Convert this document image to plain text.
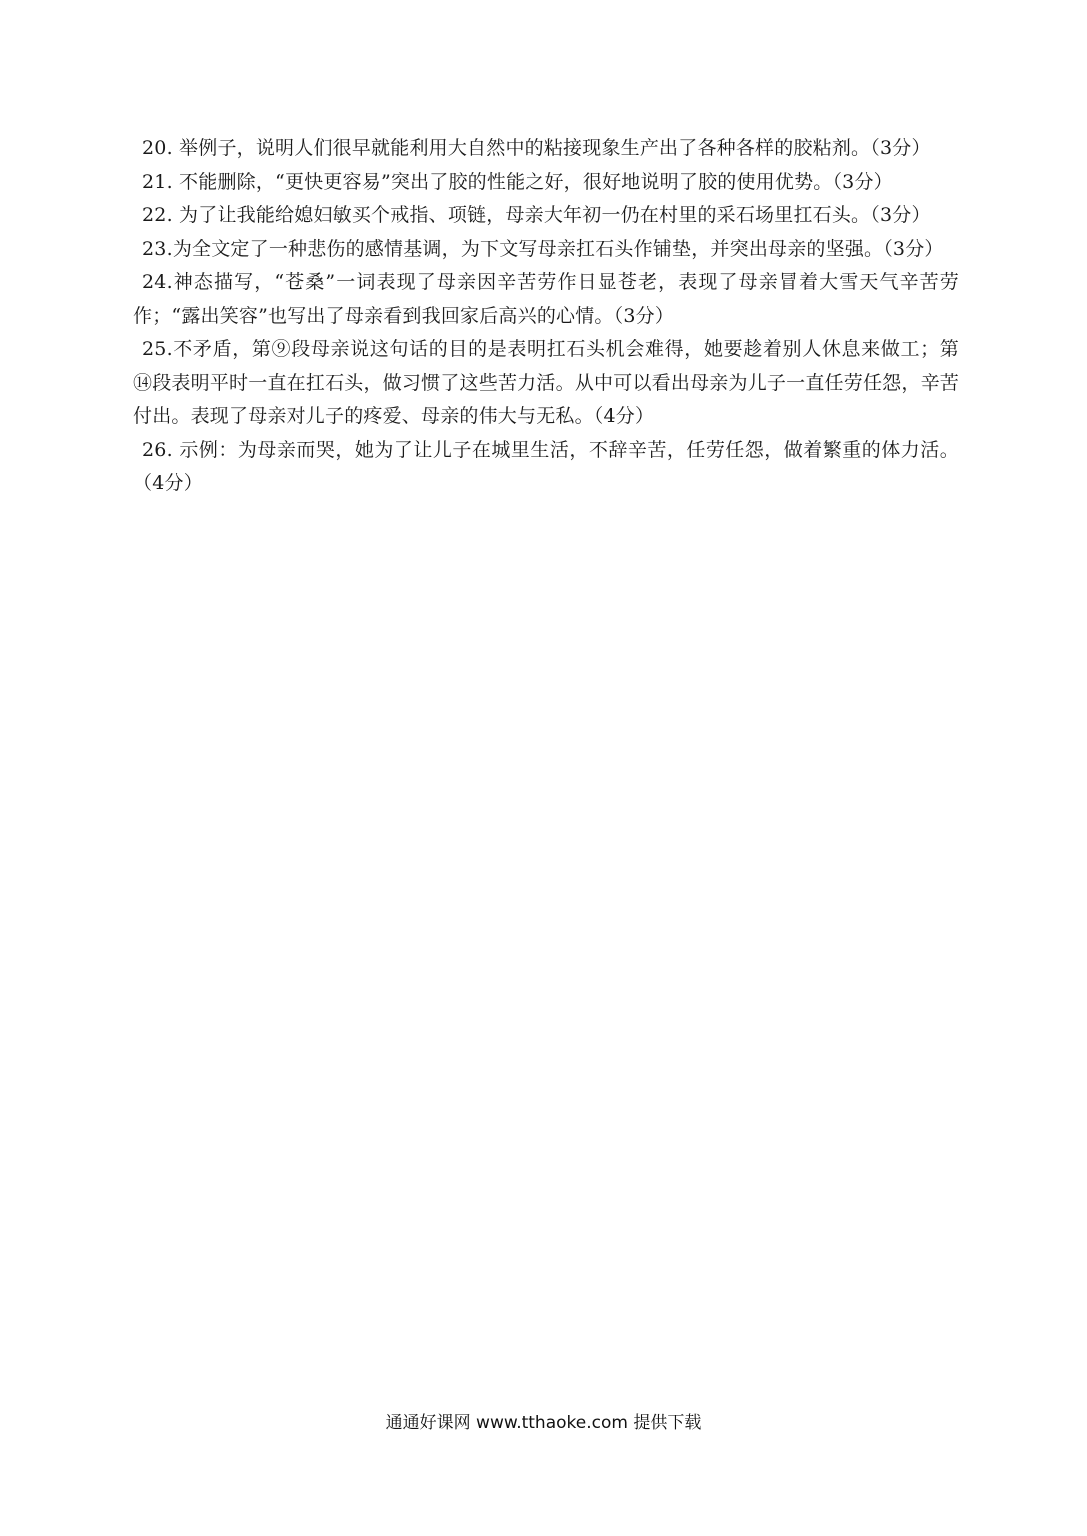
20. 举例子，说明人们很早就能利用大自然中的粘接现象生产出了各种各样的胶粘剂。（3分）

21. 不能删除，“更快更容易”突出了胶的性能之好，很好地说明了胶的使用优势。（3分）

22. 为了让我能给媳妇敏买个戒指、项链，母亲大年初一仍在村里的采石场里扛石头。（3分）

23.为全文定了一种悲伤的感情基调，为下文写母亲扛石头作铺垫，并突出母亲的坚强。（3分）

24.神态描写，“苍桑”一词表现了母亲因辛苦劳作日显苍老，表现了母亲冒着大雪天气辛苦劳作；“露出笑容”也写出了母亲看到我回家后高兴的心情。（3分）

25.不矛盾，第⑨段母亲说这句话的目的是表明扛石头机会难得，她要趁着别人休息来做工；第⑭段表明平时一直在扛石头，做习惯了这些苦力活。从中可以看出母亲为儿子一直任劳任怨，辛苦付出。表现了母亲对儿子的疼爱、母亲的伟大与无私。（4分）

26. 示例：为母亲而哭，她为了让儿子在城里生活，不辞辛苦，任劳任怨，做着繁重的体力活。（4分）

通通好课网 www.tthaoke.com 提供下载
